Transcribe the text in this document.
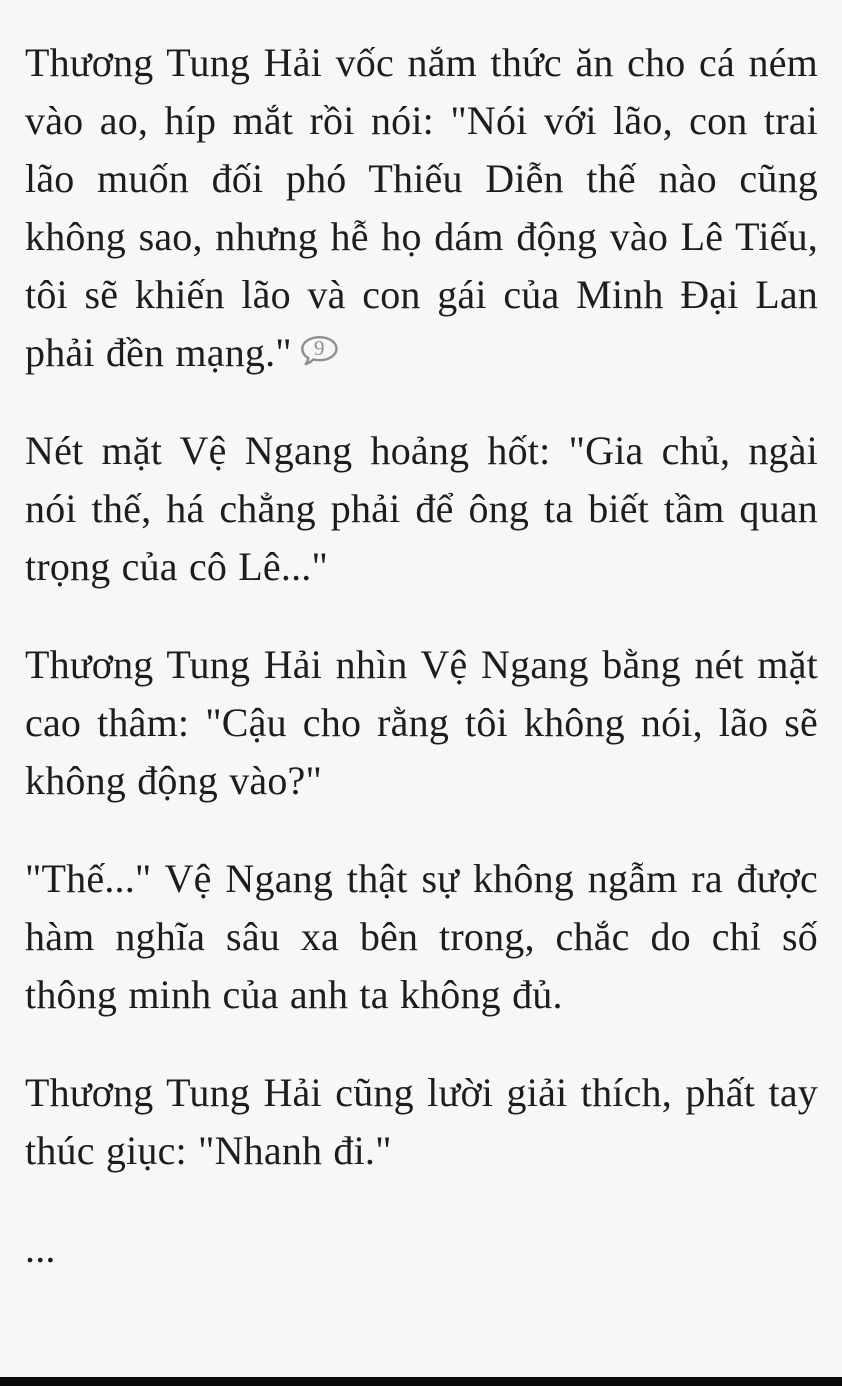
Thương Tung Hải vốc nắm thức ăn cho cá ném vào ao, híp mắt rồi nói: "Nói với lão, con trai lão muốn đối phó Thiếu Diễn thế nào cũng không sao, nhưng hễ họ dám động vào Lê Tiếu, tôi sẽ khiến lão và con gái của Minh Đại Lan phải đền mạng."	9

Nét mặt Vệ Ngang hoảng hốt: "Gia chủ, ngài nói thế, há chẳng phải để ông ta biết tầm quan trọng của cô Lê..."

Thương Tung Hải nhìn Vệ Ngang bằng nét mặt cao thâm: "Cậu cho rằng tôi không nói, lão sẽ không động vào?"

"Thế..." Vệ Ngang thật sự không ngẫm ra được hàm nghĩa sâu xa bên trong, chắc do chỉ số thông minh của anh ta không đủ.

Thương Tung Hải cũng lười giải thích, phất tay thúc giục: "Nhanh đi."

...
